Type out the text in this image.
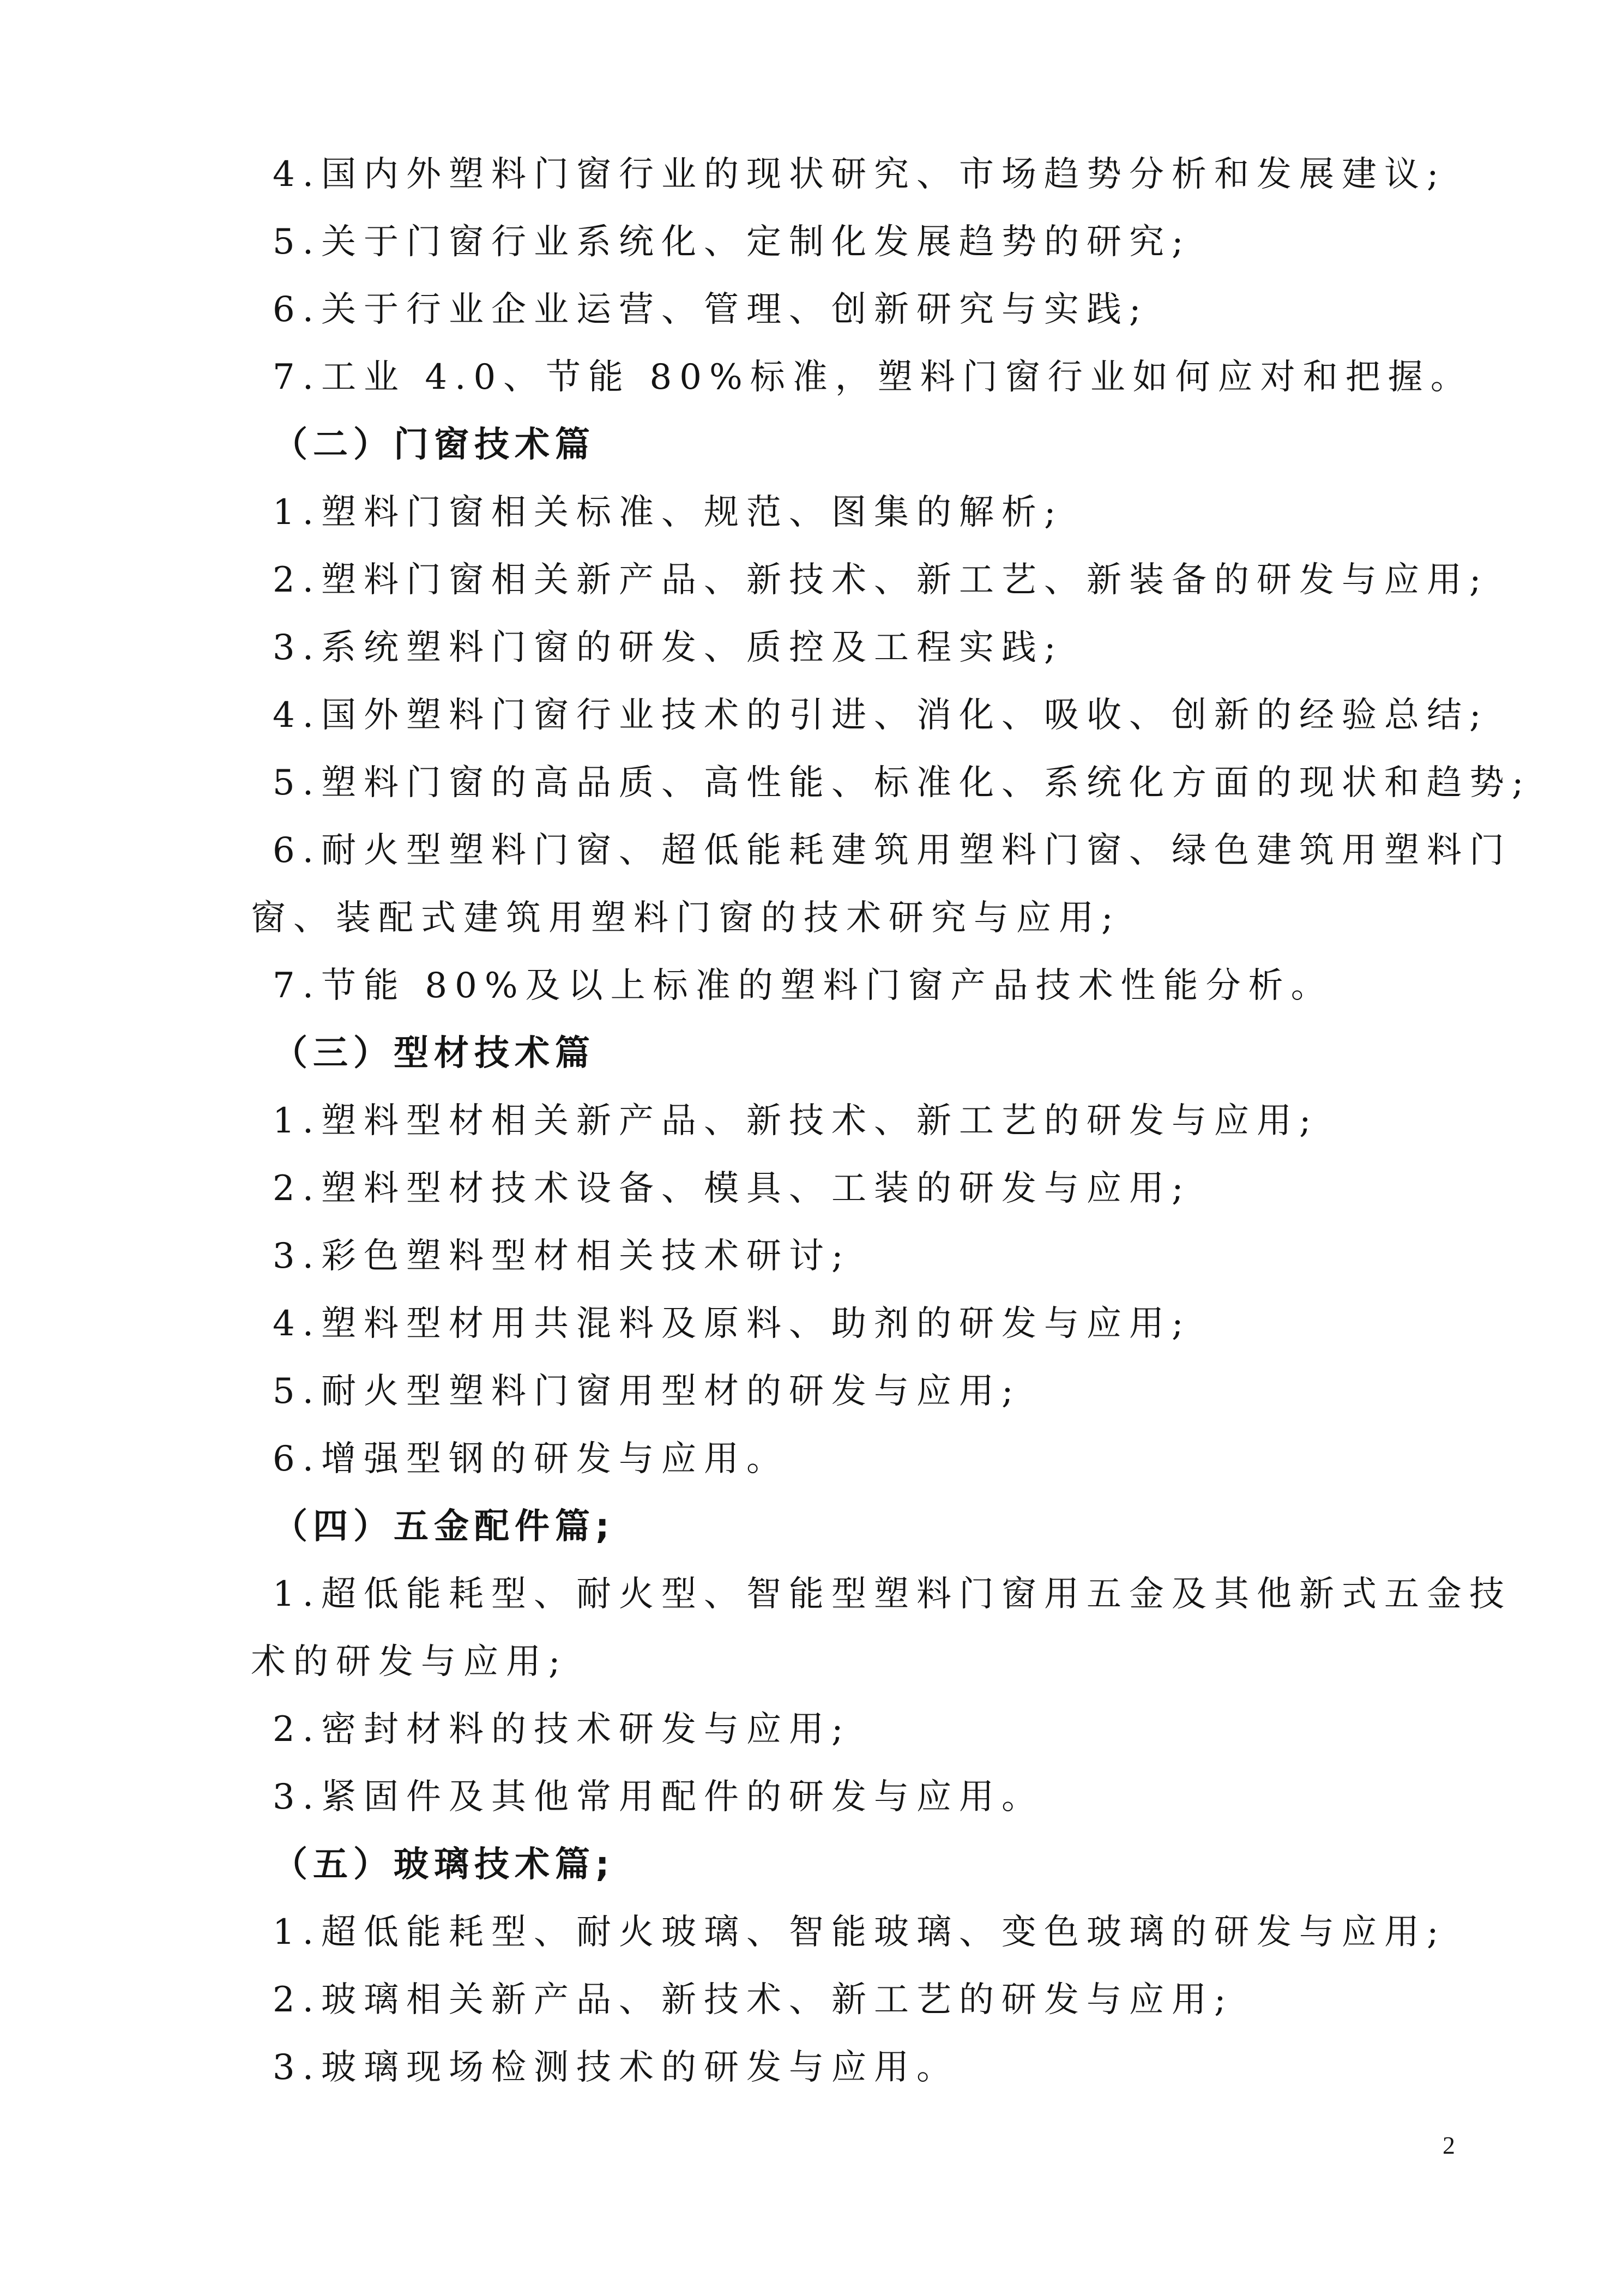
4.国内外塑料门窗行业的现状研究、市场趋势分析和发展建议;

5.关于门窗行业系统化、定制化发展趋势的研究;

6.关于行业企业运营、管理、创新研究与实践;

7.工业 4.0、节能 80%标准，塑料门窗行业如何应对和把握。

（二）门窗技术篇

1.塑料门窗相关标准、规范、图集的解析;

2.塑料门窗相关新产品、新技术、新工艺、新装备的研发与应用;

3.系统塑料门窗的研发、质控及工程实践;

4.国外塑料门窗行业技术的引进、消化、吸收、创新的经验总结;

5.塑料门窗的高品质、高性能、标准化、系统化方面的现状和趋势;

6.耐火型塑料门窗、超低能耗建筑用塑料门窗、绿色建筑用塑料门

窗、装配式建筑用塑料门窗的技术研究与应用;

7.节能 80%及以上标准的塑料门窗产品技术性能分析。

（三）型材技术篇

1.塑料型材相关新产品、新技术、新工艺的研发与应用;

2.塑料型材技术设备、模具、工装的研发与应用;

3.彩色塑料型材相关技术研讨;

4.塑料型材用共混料及原料、助剂的研发与应用;

5.耐火型塑料门窗用型材的研发与应用;

6.增强型钢的研发与应用。

（四）五金配件篇;

1.超低能耗型、耐火型、智能型塑料门窗用五金及其他新式五金技

术的研发与应用;

2.密封材料的技术研发与应用;

3.紧固件及其他常用配件的研发与应用。

（五）玻璃技术篇;

1.超低能耗型、耐火玻璃、智能玻璃、变色玻璃的研发与应用;

2.玻璃相关新产品、新技术、新工艺的研发与应用;

3.玻璃现场检测技术的研发与应用。

2
